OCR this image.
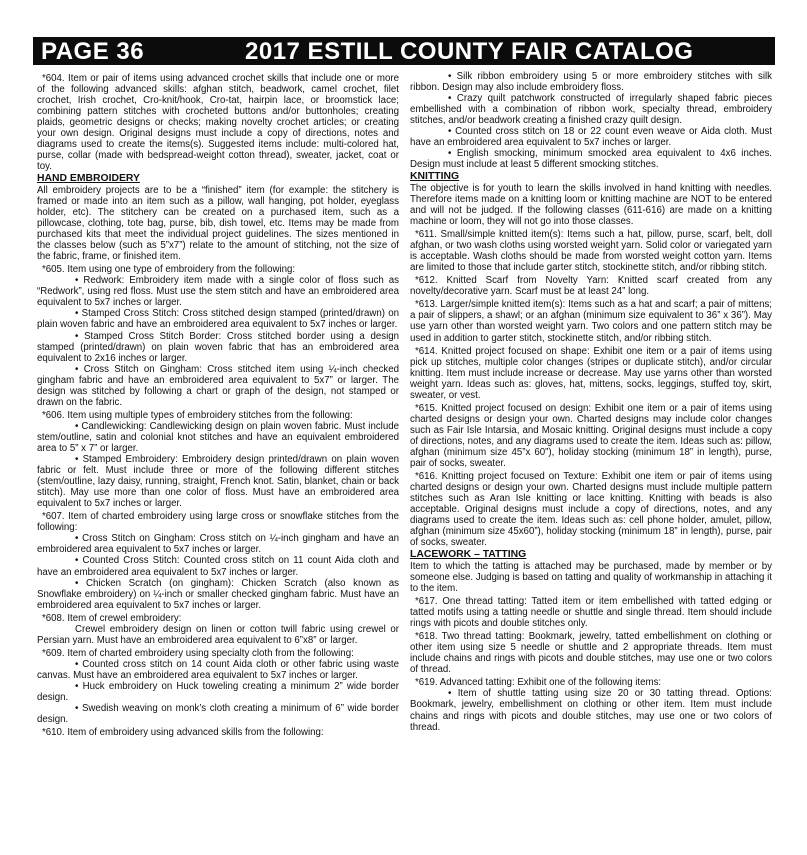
PAGE 36	2017 ESTILL COUNTY FAIR CATALOG

*604. Item or pair of items using advanced crochet skills that include one or more of the following advanced skills: afghan stitch, beadwork, camel crochet, filet crochet, Irish crochet, Cro-knit/hook, Cro-tat, hairpin lace, or broomstick lace; combining pattern stitches with crocheted buttons and/or buttonholes; creating plaids, geometric designs or checks; making novelty crochet articles; or creating your own design. Original designs must include a copy of directions, notes and diagrams used to create the items(s). Suggested items include: multi-colored hat, purse, collar (made with bedspread-weight cotton thread), sweater, jacket, coat or toy.

HAND EMBROIDERY

All embroidery projects are to be a “finished” item (for example: the stitchery is framed or made into an item such as a pillow, wall hanging, pot holder, eyeglass holder, etc). The stitchery can be created on a purchased item, such as a pillowcase, clothing, tote bag, purse, bib, dish towel, etc. Items may be made from purchased kits that meet the individual project guidelines. The sizes mentioned in the classes below (such as 5”x7”) relate to the amount of stitching, not the size of the fabric, frame, or finished item.

*605. Item using one type of embroidery from the following:

• Redwork: Embroidery item made with a single color of floss such as “Redwork”, using red floss. Must use the stem stitch and have an embroidered area equivalent to 5x7 inches or larger.

• Stamped Cross Stitch: Cross stitched design stamped (printed/drawn) on plain woven fabric and have an embroidered area equivalent to 5x7 inches or larger.

• Stamped Cross Stitch Border: Cross stitched border using a design stamped (printed/drawn) on plain woven fabric that has an embroidered area equivalent to 2x16 inches or larger.

• Cross Stitch on Gingham: Cross stitched item using ¼-inch checked gingham fabric and have an embroidered area equivalent to 5x7” or larger. The design was stitched by following a chart or graph of the design, not stamped or drawn on the fabric.

*606. Item using multiple types of embroidery stitches from the following:

• Candlewicking: Candlewicking design on plain woven fabric. Must include stem/outline, satin and colonial knot stitches and have an equivalent embroidered area to 5” x 7” or larger.

• Stamped Embroidery: Embroidery design printed/drawn on plain woven fabric or felt. Must include three or more of the following different stitches (stem/outline, lazy daisy, running, straight, French knot. Satin, blanket, chain or back stitch). May use more than one color of floss. Must have an embroidered area equivalent to 5x7 inches or larger.

*607. Item of charted embroidery using large cross or snowflake stitches from the following:

• Cross Stitch on Gingham: Cross stitch on ¼-inch gingham and have an embroidered area equivalent to 5x7 inches or larger.

• Counted Cross Stitch: Counted cross stitch on 11 count Aida cloth and have an embroidered area equivalent to 5x7 inches or larger.

• Chicken Scratch (on gingham): Chicken Scratch (also known as Snowflake embroidery) on ¼-inch or smaller checked gingham fabric. Must have an embroidered area equivalent to 5x7 inches or larger.

*608. Item of crewel embroidery:

Crewel embroidery design on linen or cotton twill fabric using crewel or Persian yarn. Must have an embroidered area equivalent to 6”x8” or larger.

*609. Item of charted embroidery using specialty cloth from the following:

• Counted cross stitch on 14 count Aida cloth or other fabric using waste canvas. Must have an embroidered area equivalent to 5x7 inches or larger.

• Huck embroidery on Huck toweling creating a minimum 2” wide border design.

• Swedish weaving on monk’s cloth creating a minimum of 6” wide border design.

*610. Item of embroidery using advanced skills from the following:

• Silk ribbon embroidery using 5 or more embroidery stitches with silk ribbon. Design may also include embroidery floss.

• Crazy quilt patchwork constructed of irregularly shaped fabric pieces embellished with a combination of ribbon work, specialty thread, embroidery stitches, and/or beadwork creating a finished crazy quilt design.

• Counted cross stitch on 18 or 22 count even weave or Aida cloth. Must have an embroidered area equivalent to 5x7 inches or larger.

• English smocking, minimum smocked area equivalent to 4x6 inches. Design must include at least 5 different smocking stitches.

KNITTING

The objective is for youth to learn the skills involved in hand knitting with needles. Therefore items made on a knitting loom or knitting machine are NOT to be entered and will not be judged. If the following classes (611-616) are made on a knitting machine or loom, they will not go into those classes.

*611. Small/simple knitted item(s): Items such a hat, pillow, purse, scarf, belt, doll afghan, or two wash cloths using worsted weight yarn. Solid color or variegated yarn is acceptable. Wash cloths should be made from worsted weight cotton yarn. Items are limited to those that include garter stitch, stockinette stitch, and/or ribbing stitch.

*612. Knitted Scarf from Novelty Yarn: Knitted scarf created from any novelty/decorative yarn. Scarf must be at least 24” long.

*613. Larger/simple knitted item(s): Items such as a hat and scarf; a pair of mittens; a pair of slippers, a shawl; or an afghan (minimum size equivalent to 36” x 36”). May use yarn other than worsted weight yarn. Two colors and one pattern stitch may be used in addition to garter stitch, stockinette stitch, and/or ribbing stitch.

*614. Knitted project focused on shape: Exhibit one item or a pair of items using pick up stitches, multiple color changes (stripes or duplicate stitch), and/or circular knitting. Item must include increase or decrease. May use yarns other than worsted weight yarn. Ideas such as: gloves, hat, mittens, socks, leggings, stuffed toy, skirt, sweater, or vest.

*615. Knitted project focused on design: Exhibit one item or a pair of items using charted designs or design your own. Charted designs may include color changes such as Fair Isle Intarsia, and Mosaic knitting. Original designs must include a copy of directions, notes, and any diagrams used to create the item. Ideas such as: pillow, afghan (minimum size 45”x 60”), holiday stocking (minimum 18” in length), purse, pair of socks, sweater.

*616. Knitting project focused on Texture: Exhibit one item or pair of items using charted designs or design your own. Charted designs must include multiple pattern stitches such as Aran Isle knitting or lace knitting. Knitting with beads is also acceptable. Original designs must include a copy of directions, notes, and any diagrams used to create the item. Ideas such as: cell phone holder, amulet, pillow, afghan (minimum size 45x60”), holiday stocking (minimum 18” in length), purse, pair of socks, sweater.

LACEWORK – TATTING

Item to which the tatting is attached may be purchased, made by member or by someone else. Judging is based on tatting and quality of workmanship in attaching it to the item.

*617. One thread tatting: Tatted item or item embellished with tatted edging or tatted motifs using a tatting needle or shuttle and single thread. Item should include rings with picots and double stitches only.

*618. Two thread tatting: Bookmark, jewelry, tatted embellishment on clothing or other item using size 5 needle or shuttle and 2 appropriate threads. Item must include chains and rings with picots and double stitches, may use one or two colors of thread.

*619. Advanced tatting: Exhibit one of the following items:

• Item of shuttle tatting using size 20 or 30 tatting thread. Options: Bookmark, jewelry, embellishment on clothing or other item. Item must include chains and rings with picots and double stitches, may use one or two colors of thread.
